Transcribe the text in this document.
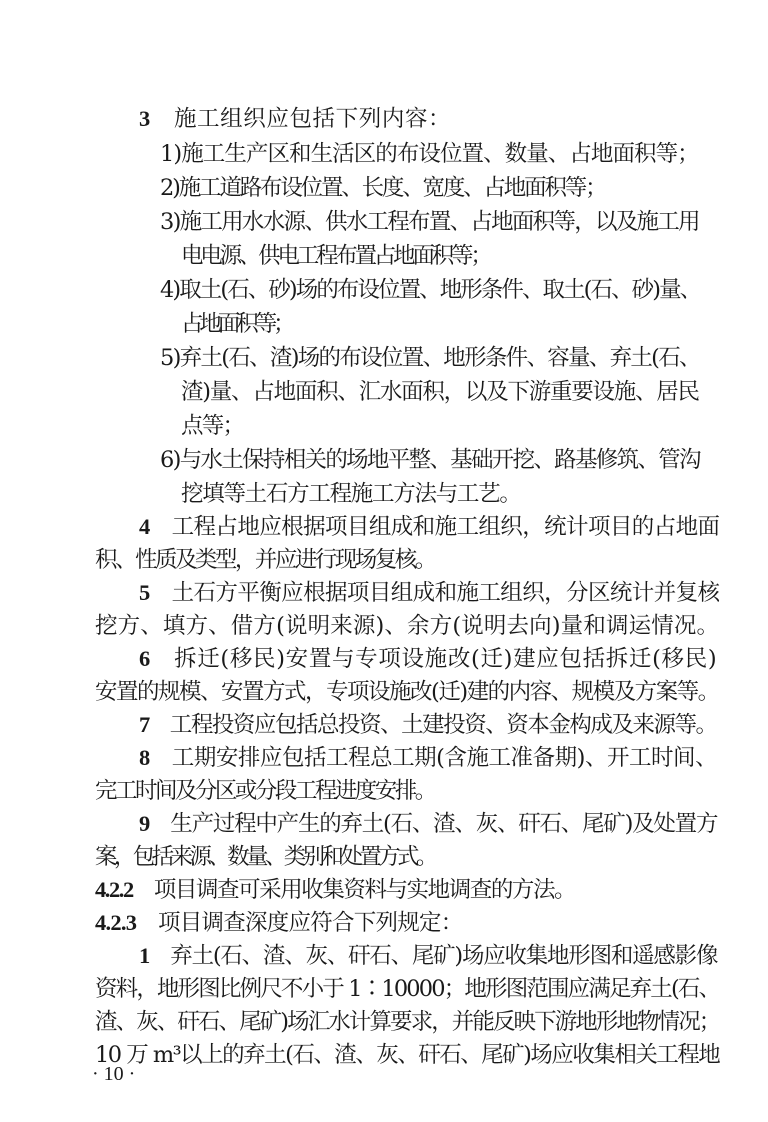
3　施工组织应包括下列内容：
1)施工生产区和生活区的布设位置、数量、占地面积等；
2)施工道路布设位置、长度、宽度、占地面积等；
3)施工用水水源、供水工程布置、占地面积等，以及施工用
电电源、供电工程布置占地面积等；
4)取土(石、砂)场的布设位置、地形条件、取土(石、砂)量、
占地面积等；
5)弃土(石、渣)场的布设位置、地形条件、容量、弃土(石、
渣)量、占地面积、汇水面积，以及下游重要设施、居民
点等；
6)与水土保持相关的场地平整、基础开挖、路基修筑、管沟
挖填等土石方工程施工方法与工艺。
4　工程占地应根据项目组成和施工组织，统计项目的占地面
积、性质及类型，并应进行现场复核。
5　土石方平衡应根据项目组成和施工组织，分区统计并复核
挖方、填方、借方(说明来源)、余方(说明去向)量和调运情况。
6　拆迁(移民)安置与专项设施改(迁)建应包括拆迁(移民)
安置的规模、安置方式，专项设施改(迁)建的内容、规模及方案等。
7　工程投资应包括总投资、土建投资、资本金构成及来源等。
8　工期安排应包括工程总工期(含施工准备期)、开工时间、
完工时间及分区或分段工程进度安排。
9　生产过程中产生的弃土(石、渣、灰、矸石、尾矿)及处置方
案，包括来源、数量、类别和处置方式。
4.2.2　项目调查可采用收集资料与实地调查的方法。
4.2.3　项目调查深度应符合下列规定：
1　弃土(石、渣、灰、矸石、尾矿)场应收集地形图和遥感影像
资料，地形图比例尺不小于 1∶10000；地形图范围应满足弃土(石、
渣、灰、矸石、尾矿)场汇水计算要求，并能反映下游地形地物情况；
10 万 m³以上的弃土(石、渣、灰、矸石、尾矿)场应收集相关工程地
· 10 ·
